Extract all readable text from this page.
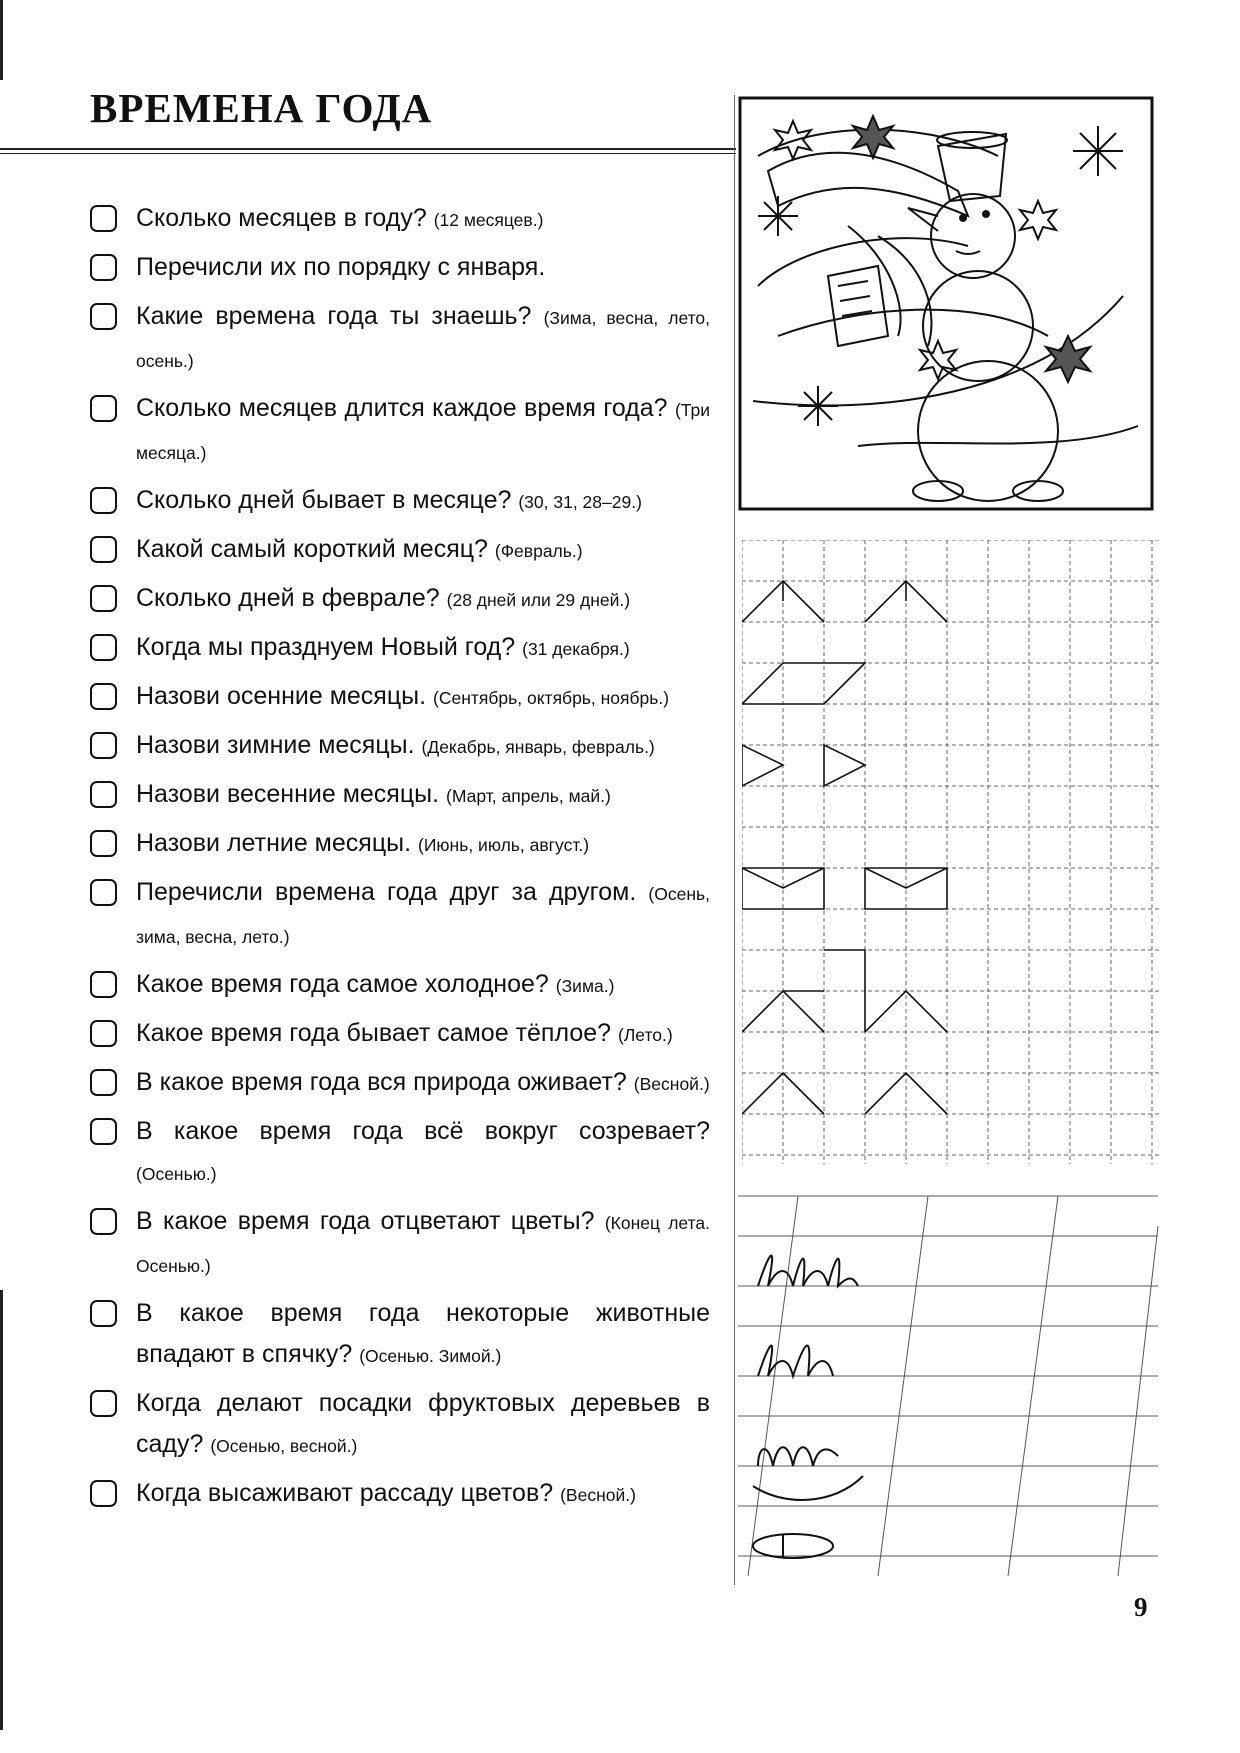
ВРЕМЕНА ГОДА
Сколько месяцев в году? (12 месяцев.)
Перечисли их по порядку с января.
Какие времена года ты знаешь? (Зима, весна, лето, осень.)
Сколько месяцев длится каждое время года? (Три месяца.)
Сколько дней бывает в месяце? (30, 31, 28–29.)
Какой самый короткий месяц? (Февраль.)
Сколько дней в феврале? (28 дней или 29 дней.)
Когда мы празднуем Новый год? (31 декабря.)
Назови осенние месяцы. (Сентябрь, октябрь, ноябрь.)
Назови зимние месяцы. (Декабрь, январь, февраль.)
Назови весенние месяцы. (Март, апрель, май.)
Назови летние месяцы. (Июнь, июль, август.)
Перечисли времена года друг за другом. (Осень, зима, весна, лето.)
Какое время года самое холодное? (Зима.)
Какое время года бывает самое тёплое? (Лето.)
В какое время года вся природа оживает? (Весной.)
В какое время года всё вокруг созревает? (Осенью.)
В какое время года отцветают цветы? (Конец лета. Осенью.)
В какое время года некоторые животные впадают в спячку? (Осенью. Зимой.)
Когда делают посадки фруктовых деревьев в саду? (Осенью, весной.)
Когда высаживают рассаду цветов? (Весной.)
9
